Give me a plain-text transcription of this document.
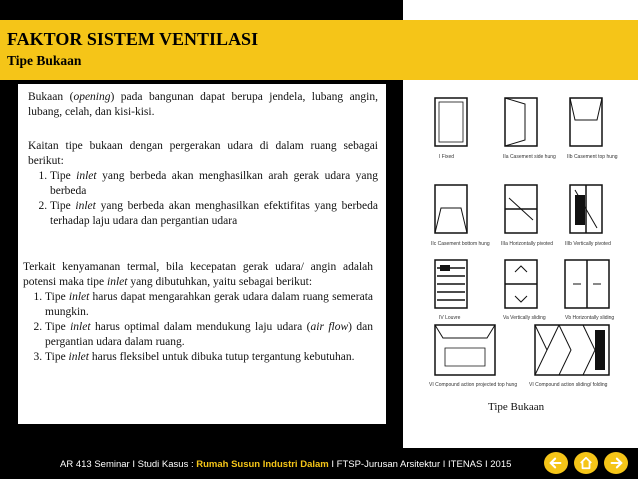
FAKTOR SISTEM VENTILASI
Tipe Bukaan

Bukaan (opening) pada bangunan dapat berupa jendela, lubang angin, lubang, celah, dan kisi-kisi.

Kaitan tipe bukaan dengan pergerakan udara di dalam ruang sebagai berikut:

1. Tipe inlet yang berbeda akan menghasilkan arah gerak udara yang berbeda
2. Tipe inlet yang berbeda akan menghasilkan efektifitas yang berbeda terhadap laju udara dan pergantian udara

Terkait kenyamanan termal, bila kecepatan gerak udara/ angin adalah potensi maka tipe inlet yang dibutuhkan, yaitu sebagai berikut:

1. Tipe inlet harus dapat mengarahkan gerak udara dalam ruang semerata mungkin.
2. Tipe inlet harus optimal dalam mendukung laju udara (air flow) dan pergantian udara dalam ruang.
3. Tipe inlet harus fleksibel untuk dibuka tutup tergantung kebutuhan.
I Fixed	IIa Casement side hung IIb Casement top hung
IIc Casement bottom hung IIIa Horizontally pivoted IIIb Vertically pivoted
IV Louvre	Va Vertically sliding	Vb Horizontally sliding
VI Compound action projected top hung VI Compound action sliding/ folding
Tipe Bukaan
AR 413 Seminar I Studi Kasus : Rumah Susun Industri Dalam I FTSP-Jurusan Arsitektur I ITENAS I 2015
